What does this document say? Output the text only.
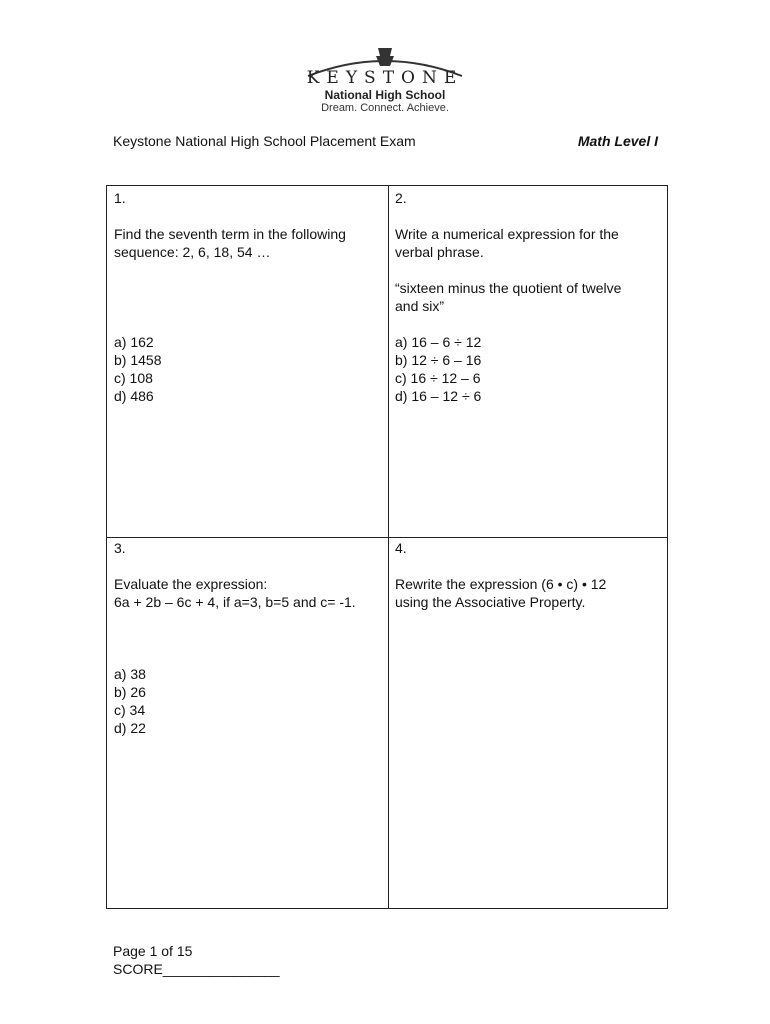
KEYSTONE
National High School
Dream. Connect. Achieve.
Keystone National High School Placement Exam	Math Level I

1.

Find the seventh term in the following

sequence: 2, 6, 18, 54 …

a) 162
b) 1458
c) 108
d) 486

2.

Write a numerical expression for the

verbal phrase.

“sixteen minus the quotient of twelve

and six”

a) 16 – 6 ÷ 12
b) 12 ÷ 6 – 16
c) 16 ÷ 12 – 6
d) 16 – 12 ÷ 6

3.

Evaluate the expression:

6a + 2b – 6c + 4, if a=3, b=5 and c= -1.

a) 38
b) 26
c) 34
d) 22

4.

Rewrite the expression (6 • c) • 12

using the Associative Property.

Page 1 of 15
SCORE_______________
